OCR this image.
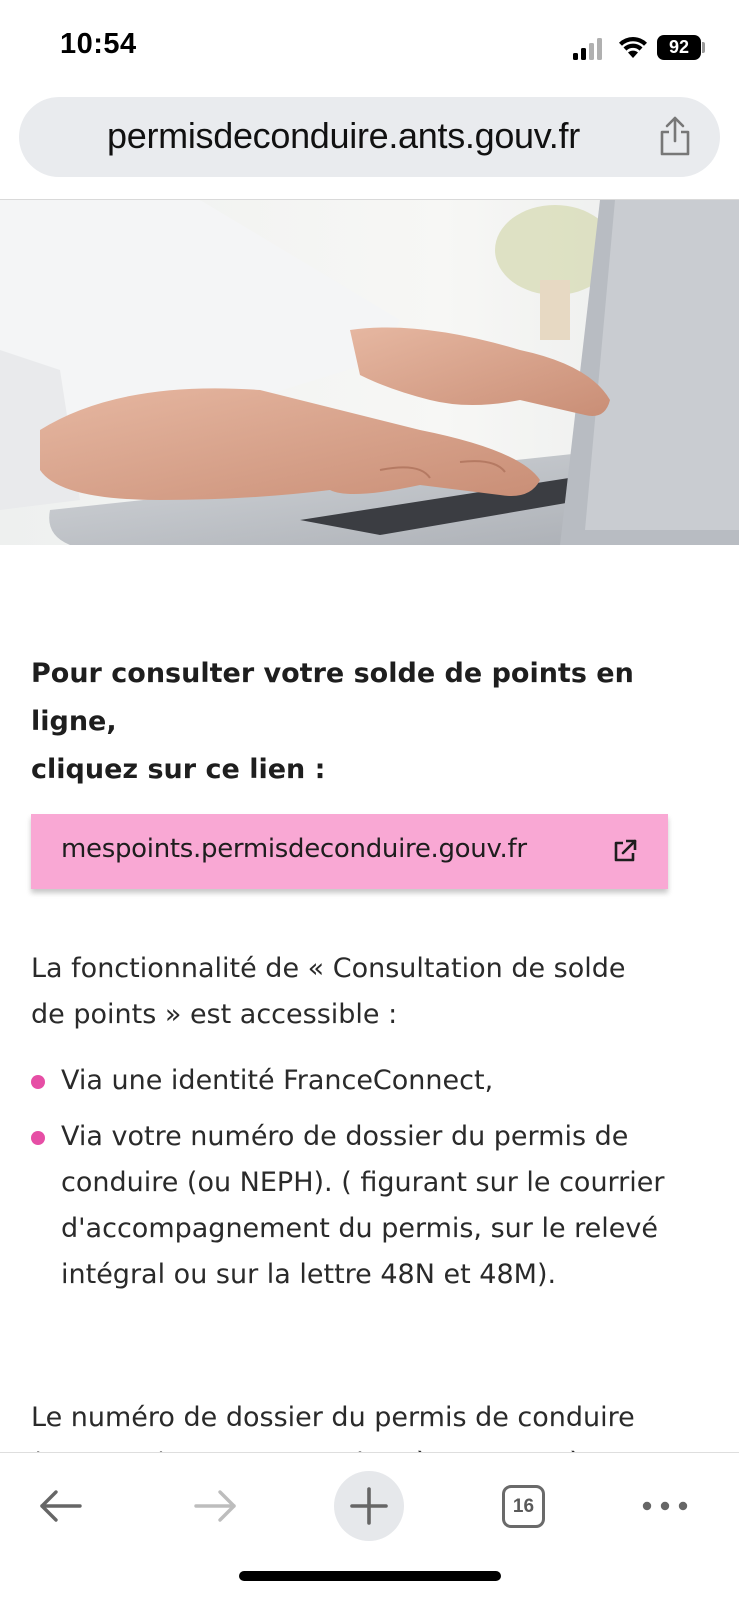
10:54	92
permisdeconduire.ants.gouv.fr
Pour consulter votre solde de points en ligne,
cliquez sur ce lien :
mespoints.permisdeconduire.gouv.fr
La fonctionnalité de « Consultation de solde
de points » est accessible :
Via une identité FranceConnect,
Via votre numéro de dossier du permis de
conduire (ou NEPH). ( figurant sur le courrier
d'accompagnement du permis, sur le relevé
intégral ou sur la lettre 48N et 48M).
Le numéro de dossier du permis de conduire
16
